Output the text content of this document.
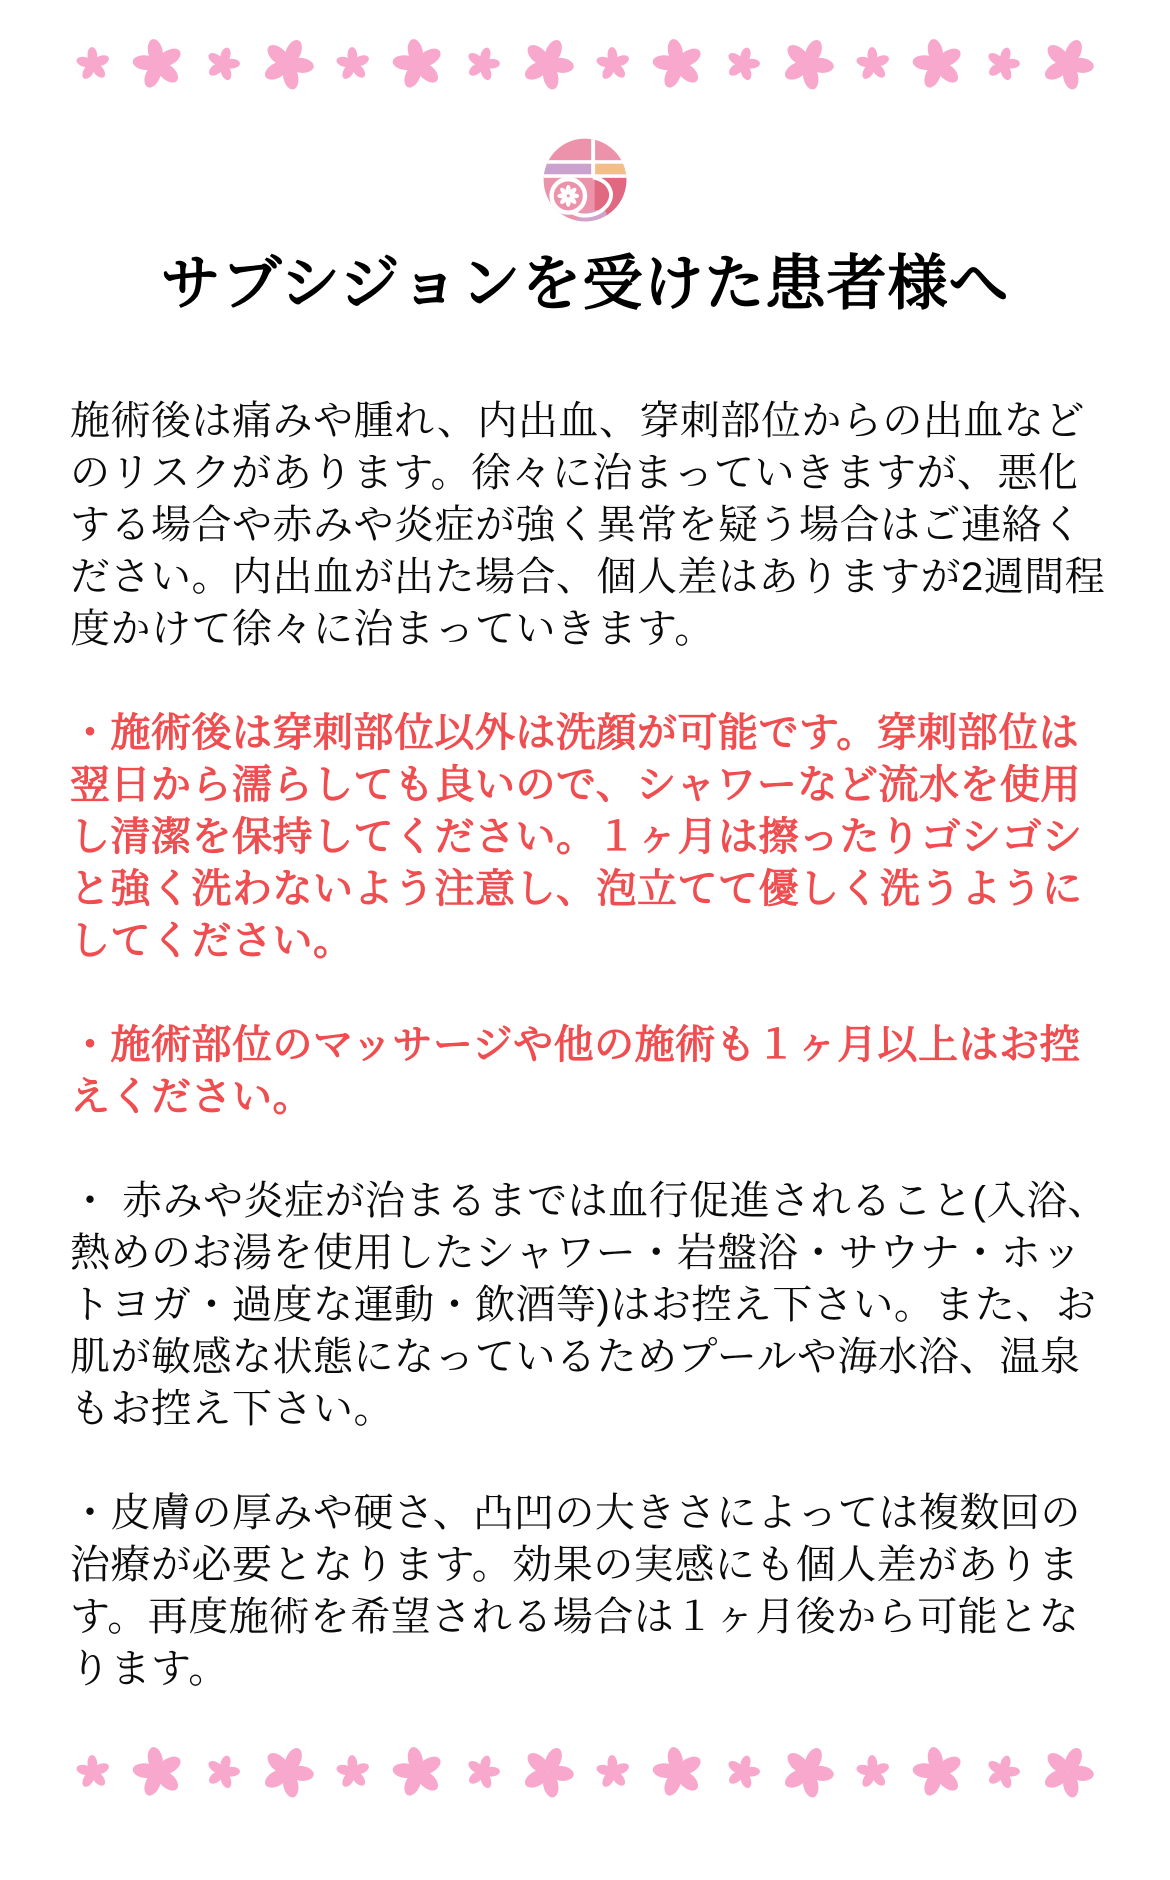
サブシジョンを受けた患者様へ

施術後は痛みや腫れ、内出血、穿刺部位からの出血などのリスクがあります。徐々に治まっていきますが、悪化する場合や赤みや炎症が強く異常を疑う場合はご連絡ください。内出血が出た場合、個人差はありますが2週間程度かけて徐々に治まっていきます。

・施術後は穿刺部位以外は洗顔が可能です。穿刺部位は翌日から濡らしても良いので、シャワーなど流水を使用し清潔を保持してください。１ヶ月は擦ったりゴシゴシと強く洗わないよう注意し、泡立てて優しく洗うようにしてください。

・施術部位のマッサージや他の施術も１ヶ月以上はお控えください。

・ 赤みや炎症が治まるまでは血行促進されること(入浴、熱めのお湯を使用したシャワー・岩盤浴・サウナ・ホットヨガ・過度な運動・飲酒等)はお控え下さい。また、お肌が敏感な状態になっているためプールや海水浴、温泉もお控え下さい。

・皮膚の厚みや硬さ、凸凹の大きさによっては複数回の治療が必要となります。効果の実感にも個人差があります。再度施術を希望される場合は１ヶ月後から可能となります。
